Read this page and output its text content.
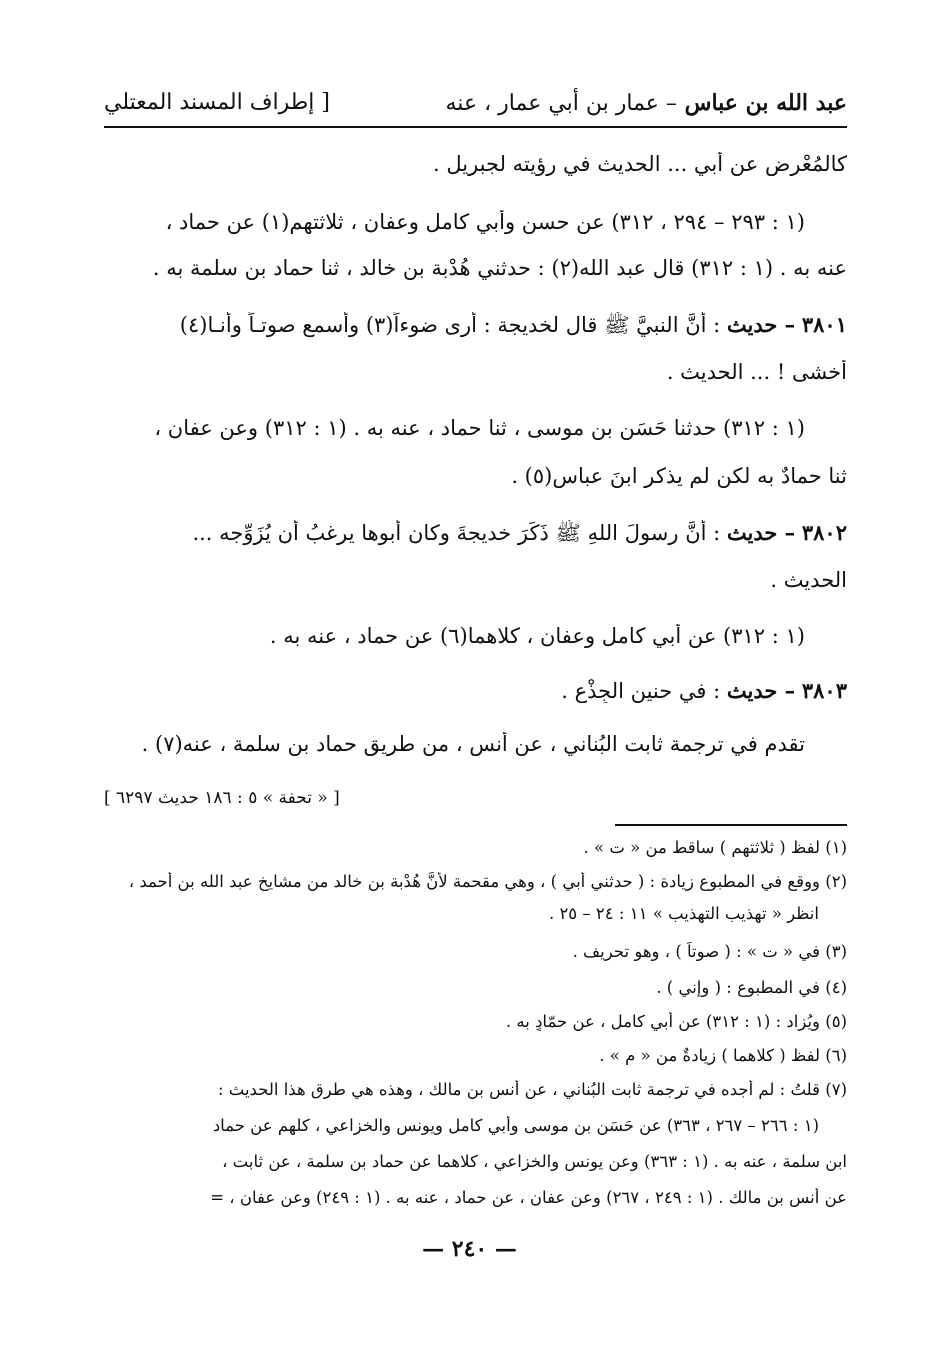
عبد الله بن عباس – عمار بن أبي عمار ، عنه
[ إطراف المسند المعتلي
كالمُعْرِض عن أبي ... الحديث في رؤيته لجبريل .
(١ : ٢٩٣ – ٢٩٤ ، ٣١٢) عن حسن وأبي كامل وعفان ، ثلاثتهم(١) عن حماد ،
عنه به . (١ : ٣١٢) قال عبد الله(٢) : حدثني هُدْبة بن خالد ، ثنا حماد بن سلمة به .
٣٨٠١ – حديث : أنَّ النبيَّ ﷺ قال لخديجة : أرى ضوءاً(٣) وأسمع صوتـاً وأنـا(٤)
أخشى ! ... الحديث .
(١ : ٣١٢) حدثنا حَسَن بن موسى ، ثنا حماد ، عنه به . (١ : ٣١٢) وعن عفان ،
ثنا حمادٌ به لكن لم يذكر ابنَ عباس(٥) .
٣٨٠٢ – حديث : أنَّ رسولَ اللهِ ﷺ ذَكَرَ خديجةَ وكان أبوها يرغبُ أن يُزَوِّجه ...
الحديث .
(١ : ٣١٢) عن أبي كامل وعفان ، كلاهما(٦) عن حماد ، عنه به .
٣٨٠٣ – حديث : في حنين الجِذْع .
تقدم في ترجمة ثابت البُناني ، عن أنس ، من طريق حماد بن سلمة ، عنه(٧) .
[ « تحفة » ٥ : ١٨٦ حديث ٦٢٩٧ ]
(١) لفظ ( ثلاثتهم ) ساقط من « ت » .
(٢) ووقع في المطبوع زيادة : ( حدثني أبي ) ، وهي مقحمة لأنَّ هُدْبة بن خالد من مشايخ عبد الله بن أحمد ،
انظر « تهذيب التهذيب » ١١ : ٢٤ – ٢٥ .
(٣) في « ت » : ( صوتاً ) ، وهو تحريف .
(٤) في المطبوع : ( وإني ) .
(٥) ويُزاد : (١ : ٣١٢) عن أبي كامل ، عن حمّادٍ به .
(٦) لفظ ( كلاهما ) زيادةٌ من « م » .
(٧) قلتُ : لم أجده في ترجمة ثابت البُناني ، عن أنس بن مالك ، وهذه هي طرق هذا الحديث :
(١ : ٢٦٦ – ٢٦٧ ، ٣٦٣) عن حَسَن بن موسى وأبي كامل ويونس والخزاعي ، كلهم عن حماد
ابن سلمة ، عنه به . (١ : ٣٦٣) وعن يونس والخزاعي ، كلاهما عن حماد بن سلمة ، عن ثابت ،
عن أنس بن مالك . (١ : ٢٤٩ ، ٢٦٧) وعن عفان ، عن حماد ، عنه به . (١ : ٢٤٩) وعن عفان ، =
— ٢٤٠ —
